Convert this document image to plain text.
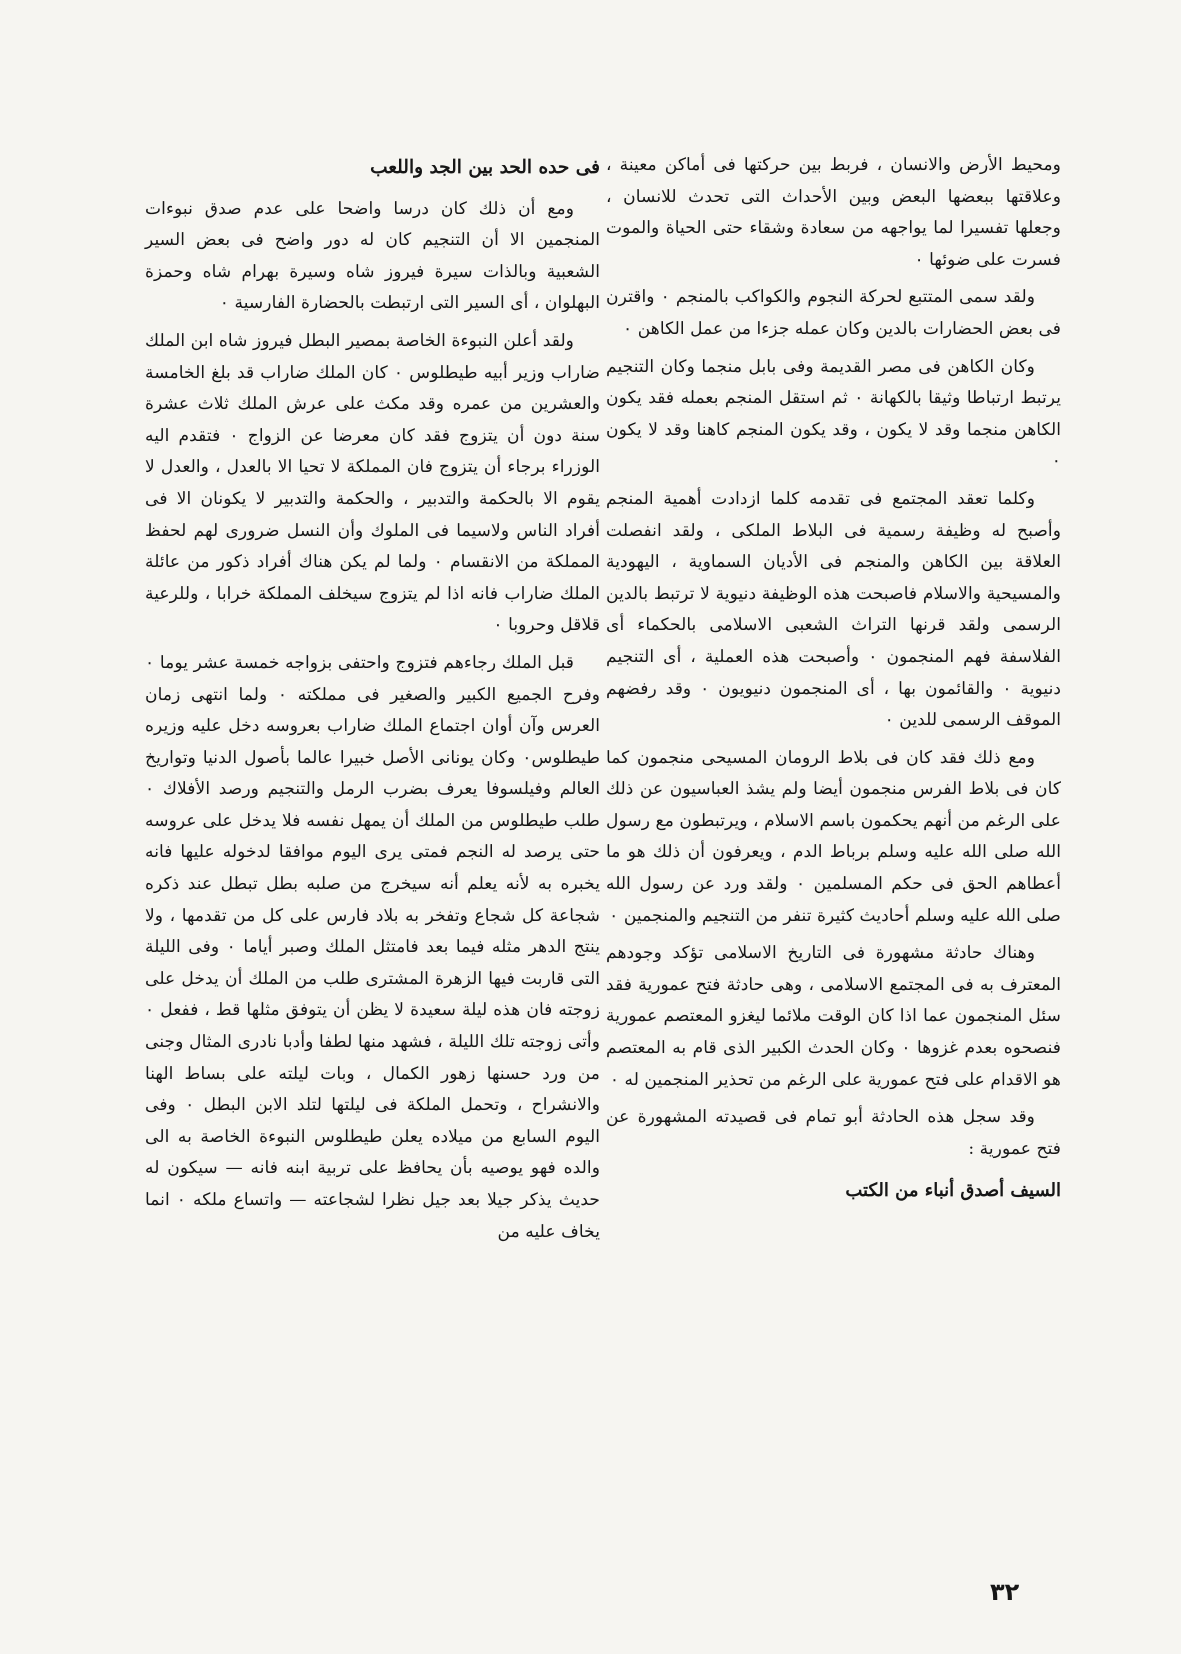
ومحيط الأرض والانسان ، فربط بين حركتها فى أماكن معينة ، وعلاقتها ببعضها البعض وبين الأحداث التى تحدث للانسان ، وجعلها تفسيرا لما يواجهه من سعادة وشقاء حتى الحياة والموت فسرت على ضوئها ٠

ولقد سمى المتتبع لحركة النجوم والكواكب بالمنجم ٠ واقترن فى بعض الحضارات بالدين وكان عمله جزءا من عمل الكاهن ٠

وكان الكاهن فى مصر القديمة وفى بابل منجما وكان التنجيم يرتبط ارتباطا وثيقا بالكهانة ٠ ثم استقل المنجم بعمله فقد يكون الكاهن منجما وقد لا يكون ، وقد يكون المنجم كاهنا وقد لا يكون ٠

وكلما تعقد المجتمع فى تقدمه كلما ازدادت أهمية المنجم وأصبح له وظيفة رسمية فى البلاط الملكى ، ولقد انفصلت العلاقة بين الكاهن والمنجم فى الأديان السماوية ، اليهودية والمسيحية والاسلام فاصبحت هذه الوظيفة دنيوية لا ترتبط بالدين الرسمى ولقد قرنها التراث الشعبى الاسلامى بالحكماء أى الفلاسفة فهم المنجمون ٠ وأصبحت هذه العملية ، أى التنجيم دنيوية ٠ والقائمون بها ، أى المنجمون دنيويون ٠ وقد رفضهم الموقف الرسمى للدين ٠

ومع ذلك فقد كان فى بلاط الرومان المسيحى منجمون كما كان فى بلاط الفرس منجمون أيضا ولم يشذ العباسيون عن ذلك على الرغم من أنهم يحكمون باسم الاسلام ، ويرتبطون مع رسول الله صلى الله عليه وسلم برباط الدم ، ويعرفون أن ذلك هو ما أعطاهم الحق فى حكم المسلمين ٠ ولقد ورد عن رسول الله صلى الله عليه وسلم أحاديث كثيرة تنفر من التنجيم والمنجمين ٠

وهناك حادثة مشهورة فى التاريخ الاسلامى تؤكد وجودهم المعترف به فى المجتمع الاسلامى ، وهى حادثة فتح عمورية فقد سئل المنجمون عما اذا كان الوقت ملائما ليغزو المعتصم عمورية فنصحوه بعدم غزوها ٠ وكان الحدث الكبير الذى قام به المعتصم هو الاقدام على فتح عمورية على الرغم من تحذير المنجمين له ٠

وقد سجل هذه الحادثة أبو تمام فى قصيدته المشهورة عن فتح عمورية :

السيف أصدق أنباء من الكتب
فى حده الحد بين الجد واللعب

ومع أن ذلك كان درسا واضحا على عدم صدق نبوءات المنجمين الا أن التنجيم كان له دور واضح فى بعض السير الشعبية وبالذات سيرة فيروز شاه وسيرة بهرام شاه وحمزة البهلوان ، أى السير التى ارتبطت بالحضارة الفارسية ٠

ولقد أعلن النبوءة الخاصة بمصير البطل فيروز شاه ابن الملك ضاراب وزير أبيه طيطلوس ٠ كان الملك ضاراب قد بلغ الخامسة والعشرين من عمره وقد مكث على عرش الملك ثلاث عشرة سنة دون أن يتزوج فقد كان معرضا عن الزواج ٠ فتقدم اليه الوزراء برجاء أن يتزوج فان المملكة لا تحيا الا بالعدل ، والعدل لا يقوم الا بالحكمة والتدبير ، والحكمة والتدبير لا يكونان الا فى أفراد الناس ولاسيما فى الملوك وأن النسل ضرورى لهم لحفظ المملكة من الانقسام ٠ ولما لم يكن هناك أفراد ذكور من عائلة الملك ضاراب فانه اذا لم يتزوج سيخلف المملكة خرابا ، وللرعية قلاقل وحروبا ٠

قبل الملك رجاءهم فتزوج واحتفى بزواجه خمسة عشر يوما ٠ وفرح الجميع الكبير والصغير فى مملكته ٠ ولما انتهى زمان العرس وآن أوان اجتماع الملك ضاراب بعروسه دخل عليه وزيره طيطلوس٠ وكان يونانى الأصل خبيرا عالما بأصول الدنيا وتواريخ العالم وفيلسوفا يعرف بضرب الرمل والتنجيم ورصد الأفلاك ٠ طلب طيطلوس من الملك أن يمهل نفسه فلا يدخل على عروسه حتى يرصد له النجم فمتى يرى اليوم موافقا لدخوله عليها فانه يخبره به لأنه يعلم أنه سيخرج من صلبه بطل تبطل عند ذكره شجاعة كل شجاع وتفخر به بلاد فارس على كل من تقدمها ، ولا ينتج الدهر مثله فيما بعد فامتثل الملك وصبر أياما ٠ وفى الليلة التى قاربت فيها الزهرة المشترى طلب من الملك أن يدخل على زوجته فان هذه ليلة سعيدة لا يظن أن يتوفق مثلها قط ، ففعل ٠ وأتى زوجته تلك الليلة ، فشهد منها لطفا وأدبا نادرى المثال وجنى من ورد حسنها زهور الكمال ، وبات ليلته على بساط الهنا والانشراح ، وتحمل الملكة فى ليلتها لتلد الابن البطل ٠ وفى اليوم السابع من ميلاده يعلن طيطلوس النبوءة الخاصة به الى والده فهو يوصيه بأن يحافظ على تربية ابنه فانه — سيكون له حديث يذكر جيلا بعد جيل نظرا لشجاعته — واتساع ملكه ٠ انما يخاف عليه من

٣٢
